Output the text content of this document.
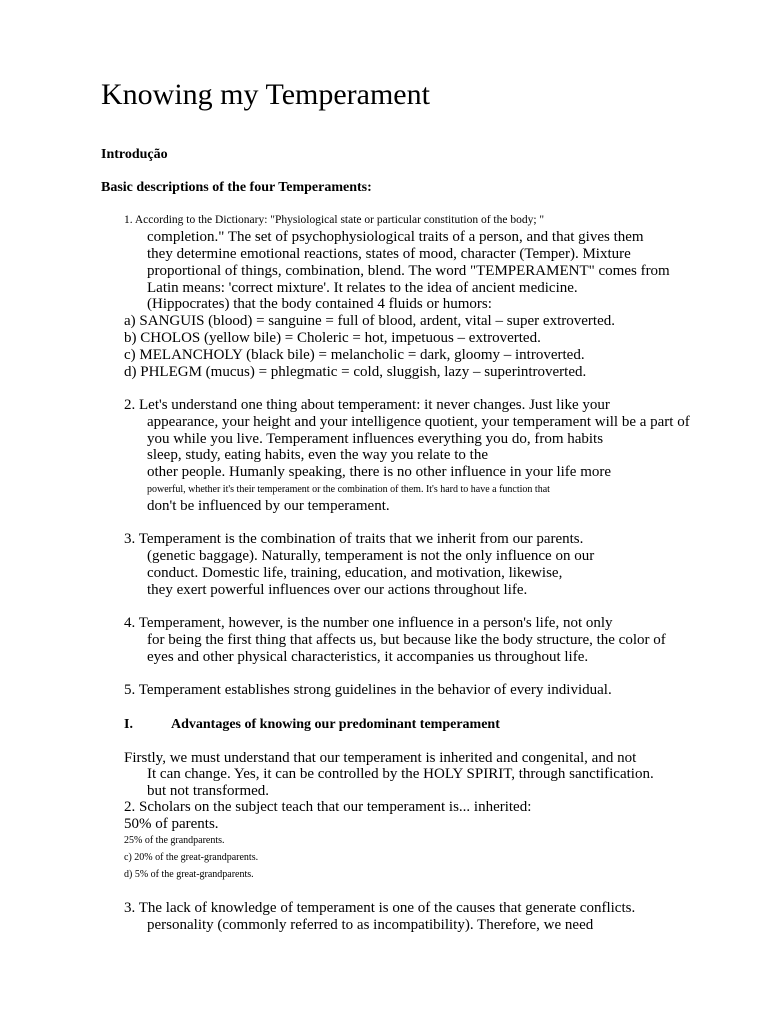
Knowing my Temperament
Introdução
Basic descriptions of the four Temperaments:
1. According to the Dictionary: "Physiological state or particular constitution of the body; "
completion." The set of psychophysiological traits of a person, and that gives them
they determine emotional reactions, states of mood, character (Temper). Mixture
proportional of things, combination, blend. The word "TEMPERAMENT" comes from
Latin means: 'correct mixture'. It relates to the idea of ancient medicine.
(Hippocrates) that the body contained 4 fluids or humors:
a) SANGUIS (blood) = sanguine = full of blood, ardent, vital – super extroverted.
b) CHOLOS (yellow bile) = Choleric = hot, impetuous – extroverted.
c) MELANCHOLY (black bile) = melancholic = dark, gloomy – introverted.
d) PHLEGM (mucus) = phlegmatic = cold, sluggish, lazy – superintroverted.
2. Let's understand one thing about temperament: it never changes. Just like your
appearance, your height and your intelligence quotient, your temperament will be a part of
you while you live. Temperament influences everything you do, from habits
sleep, study, eating habits, even the way you relate to the
other people. Humanly speaking, there is no other influence in your life more
powerful, whether it's their temperament or the combination of them. It's hard to have a function that
don't be influenced by our temperament.
3. Temperament is the combination of traits that we inherit from our parents.
(genetic baggage). Naturally, temperament is not the only influence on our
conduct. Domestic life, training, education, and motivation, likewise,
they exert powerful influences over our actions throughout life.
4. Temperament, however, is the number one influence in a person's life, not only
for being the first thing that affects us, but because like the body structure, the color of
eyes and other physical characteristics, it accompanies us throughout life.
5. Temperament establishes strong guidelines in the behavior of every individual.
I.	Advantages of knowing our predominant temperament
Firstly, we must understand that our temperament is inherited and congenital, and not
It can change. Yes, it can be controlled by the HOLY SPIRIT, through sanctification.
but not transformed.
2. Scholars on the subject teach that our temperament is... inherited:
50% of parents.
25% of the grandparents.
c) 20% of the great-grandparents.
d) 5% of the great-grandparents.
3. The lack of knowledge of temperament is one of the causes that generate conflicts.
personality (commonly referred to as incompatibility). Therefore, we need
